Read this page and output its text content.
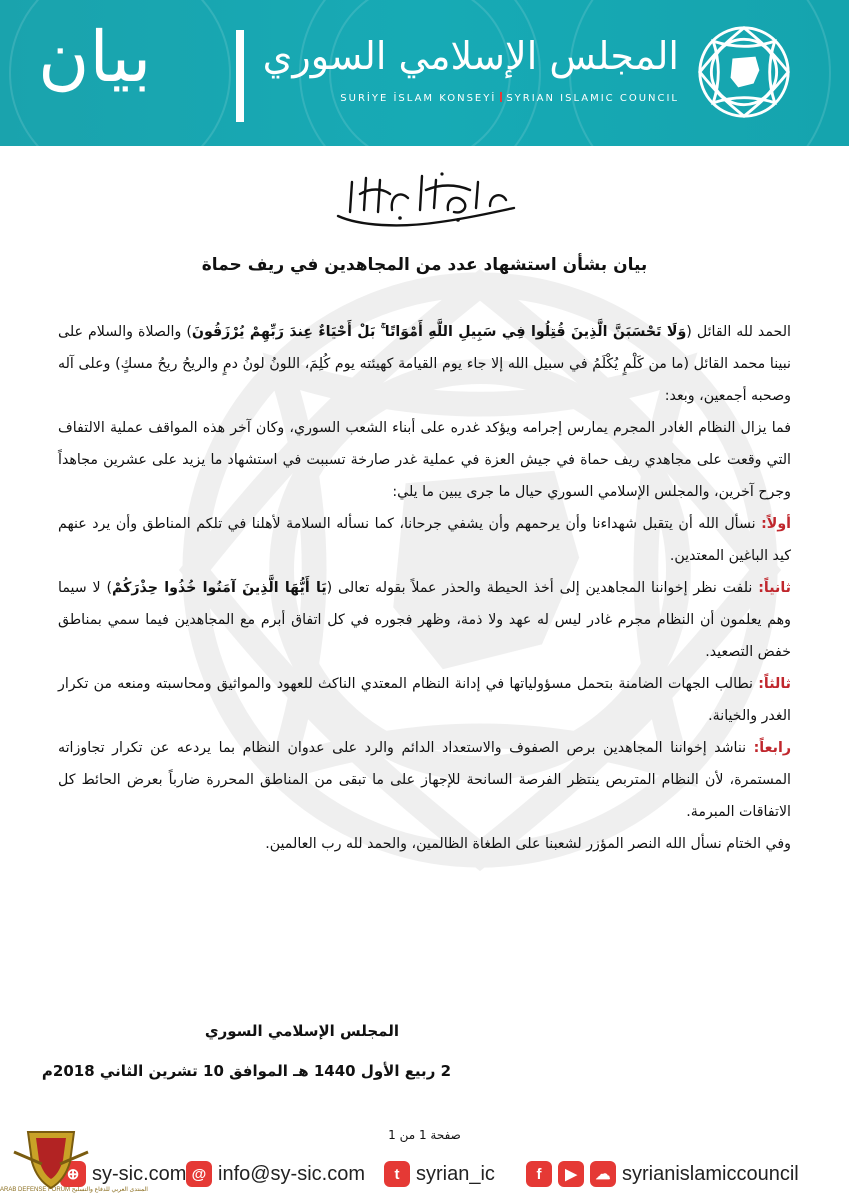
بيان	المجلس الإسلامي السوري
SURİYE İSLAM KONSEYİ SYRIAN ISLAMIC COUNCIL
بيان بشأن استشهاد عدد من المجاهدين في ريف حماة

الحمد لله القائل (وَلَا تَحْسَبَنَّ الَّذِينَ قُتِلُوا فِي سَبِيلِ اللَّهِ أَمْوَاتًا ۚ بَلْ أَحْيَاءٌ عِندَ رَبِّهِمْ يُرْزَقُونَ) والصلاة والسلام على نبينا محمد القائل (ما من كَلْمٍ يُكْلَمُ في سبيل الله إلا جاء يوم القيامة كهيئته يوم كُلِمَ، اللونُ لونُ دمٍ والريحُ ريحُ مسكٍ) وعلى آله وصحبه أجمعين، وبعد:

فما يزال النظام الغادر المجرم يمارس إجرامه ويؤكد غدره على أبناء الشعب السوري، وكان آخر هذه المواقف عملية الالتفاف التي وقعت على مجاهدي ريف حماة في جيش العزة في عملية غدر صارخة تسببت في استشهاد ما يزيد على عشرين مجاهداً وجرح آخرين، والمجلس الإسلامي السوري حيال ما جرى يبين ما يلي:

أولاً: نسأل الله أن يتقبل شهداءنا وأن يرحمهم وأن يشفي جرحانا، كما نسأله السلامة لأهلنا في تلكم المناطق وأن يرد عنهم كيد الباغين المعتدين.

ثانياً: نلفت نظر إخواننا المجاهدين إلى أخذ الحيطة والحذر عملاً بقوله تعالى (يَا أَيُّهَا الَّذِينَ آمَنُوا خُذُوا حِذْرَكُمْ) لا سيما وهم يعلمون أن النظام مجرم غادر ليس له عهد ولا ذمة، وظهر فجوره في كل اتفاق أبرم مع المجاهدين فيما سمي بمناطق خفض التصعيد.

ثالثاً: نطالب الجهات الضامنة بتحمل مسؤولياتها في إدانة النظام المعتدي الناكث للعهود والمواثيق ومحاسبته ومنعه من تكرار الغدر والخيانة.

رابعاً: نناشد إخواننا المجاهدين برص الصفوف والاستعداد الدائم والرد على عدوان النظام بما يردعه عن تكرار تجاوزاته المستمرة، لأن النظام المتربص ينتظر الفرصة السانحة للإجهاز على ما تبقى من المناطق المحررة ضارباً بعرض الحائط كل الاتفاقات المبرمة.

وفي الختام نسأل الله النصر المؤزر لشعبنا على الطغاة الظالمين، والحمد لله رب العالمين.

المجلس الإسلامي السوري
2 ربيع الأول 1440 هـ الموافق 10 تشرين الثاني 2018م
صفحة 1 من 1
⊕ sy-sic.com @ info@sy-sic.com	t syrian_ic	f	▶	☁ syrianislamiccouncil
ARAB DEFENSE FORUM المنتدى العربي للدفاع والتسليح
